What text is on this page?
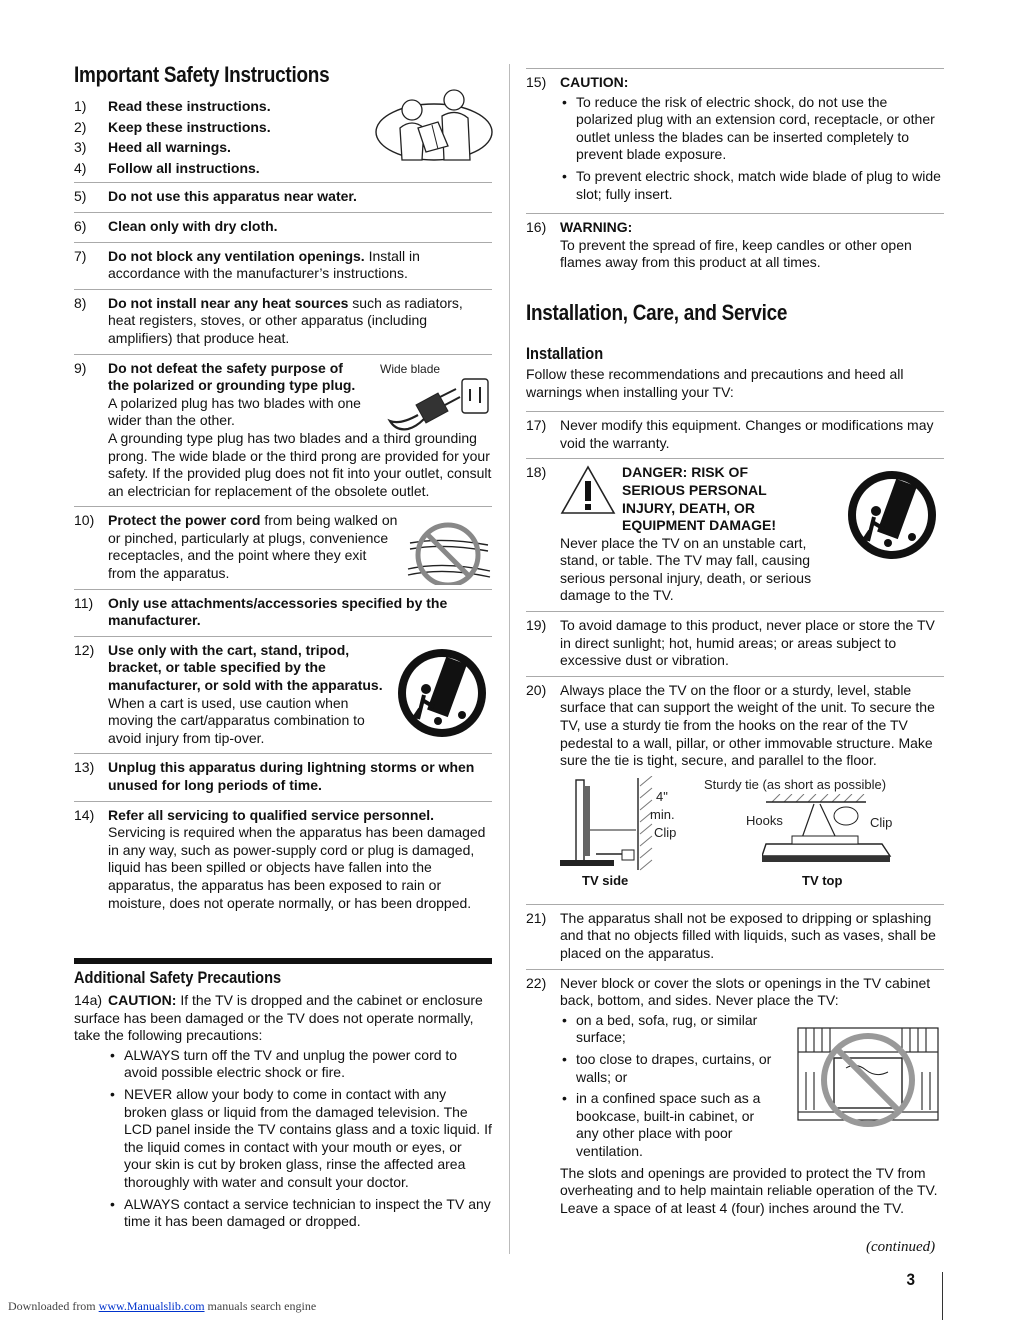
Important Safety Instructions
1)	Read these instructions.
2)	Keep these instructions.
3)	Heed all warnings.
4)	Follow all instructions.
5)	Do not use this apparatus near water.
6)	Clean only with dry cloth.
7)	Do not block any ventilation openings. Install in accordance with the manufacturer’s instructions.
8)	Do not install near any heat sources such as radiators, heat registers, stoves, or other apparatus (including amplifiers) that produce heat.
9)	Do not defeat the safety purpose of the polarized or grounding type plug. A polarized plug has two blades with one wider than the other.
A grounding type plug has two blades and a third grounding prong. The wide blade or the third prong are provided for your safety. If the provided plug does not fit into your outlet, consult an electrician for replacement of the obsolete outlet.
Wide blade
10) Protect the power cord from being walked on or pinched, particularly at plugs, convenience receptacles, and the point where they exit from the apparatus.
11)	Only use attachments/accessories specified by the manufacturer.
12) Use only with the cart, stand, tripod, bracket, or table specified by the manufacturer, or sold with the apparatus. When a cart is used, use caution when moving the cart/apparatus combination to avoid injury from tip-over.
13) Unplug this apparatus during lightning storms or when unused for long periods of time.
14) Refer all servicing to qualified service personnel. Servicing is required when the apparatus has been damaged in any way, such as power-supply cord or plug is damaged, liquid has been spilled or objects have fallen into the apparatus, the apparatus has been exposed to rain or moisture, does not operate normally, or has been dropped.
Additional Safety Precautions
14a) CAUTION: If the TV is dropped and the cabinet or enclosure surface has been damaged or the TV does not operate normally, take the following precautions:
• ALWAYS turn off the TV and unplug the power cord to avoid possible electric shock or fire.
• NEVER allow your body to come in contact with any broken glass or liquid from the damaged television. The LCD panel inside the TV contains glass and a toxic liquid. If the liquid comes in contact with your mouth or eyes, or your skin is cut by broken glass, rinse the affected area thoroughly with water and consult your doctor.
• ALWAYS contact a service technician to inspect the TV any time it has been damaged or dropped.
15) CAUTION:
• To reduce the risk of electric shock, do not use the polarized plug with an extension cord, receptacle, or other outlet unless the blades can be inserted completely to prevent blade exposure.
• To prevent electric shock, match wide blade of plug to wide slot; fully insert.
16) WARNING:
To prevent the spread of fire, keep candles or other open flames away from this product at all times.
Installation, Care, and Service
Installation
Follow these recommendations and precautions and heed all warnings when installing your TV:
17) Never modify this equipment. Changes or modifications may void the warranty.
18)	DANGER: RISK OF SERIOUS PERSONAL INJURY, DEATH, OR EQUIPMENT DAMAGE!
Never place the TV on an unstable cart, stand, or table. The TV may fall, causing serious personal injury, death, or serious damage to the TV.
19) To avoid damage to this product, never place or store the TV in direct sunlight; hot, humid areas; or areas subject to excessive dust or vibration.
20) Always place the TV on the floor or a sturdy, level, stable surface that can support the weight of the unit. To secure the TV, use a sturdy tie from the hooks on the rear of the TV pedestal to a wall, pillar, or other immovable structure. Make sure the tie is tight, secure, and parallel to the floor.
4"
min.
Clip
TV side
Sturdy tie (as short as possible)
Hooks	Clip
TV top
21) The apparatus shall not be exposed to dripping or splashing and that no objects filled with liquids, such as vases, shall be placed on the apparatus.
22) Never block or cover the slots or openings in the TV cabinet back, bottom, and sides. Never place the TV:
• on a bed, sofa, rug, or similar surface;
• too close to drapes, curtains, or walls; or
• in a confined space such as a bookcase, built-in cabinet, or any other place with poor ventilation.
The slots and openings are provided to protect the TV from overheating and to help maintain reliable operation of the TV. Leave a space of at least 4 (four) inches around the TV.
(continued)
3
Downloaded from www.Manualslib.com manuals search engine
